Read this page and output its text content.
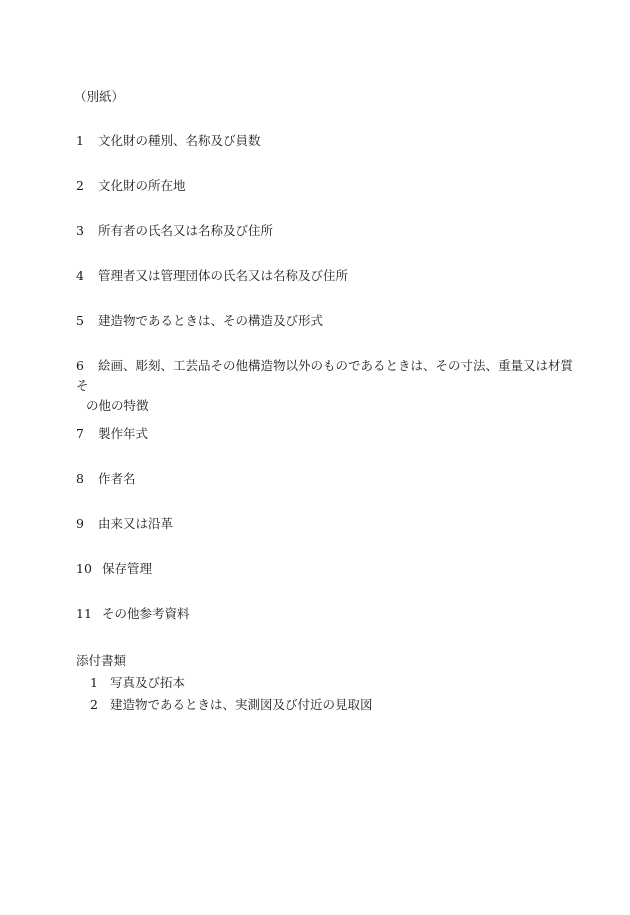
（別紙）
1 文化財の種別、名称及び員数
2 文化財の所在地
3 所有者の氏名又は名称及び住所
4 管理者又は管理団体の氏名又は名称及び住所
5 建造物であるときは、その構造及び形式
6 絵画、彫刻、工芸品その他構造物以外のものであるときは、その寸法、重量又は材質そ
の他の特徴
7 製作年式
8 作者名
9 由来又は沿革
10 保存管理
11 その他参考資料
添付書類
1 写真及び拓本
2 建造物であるときは、実測図及び付近の見取図
